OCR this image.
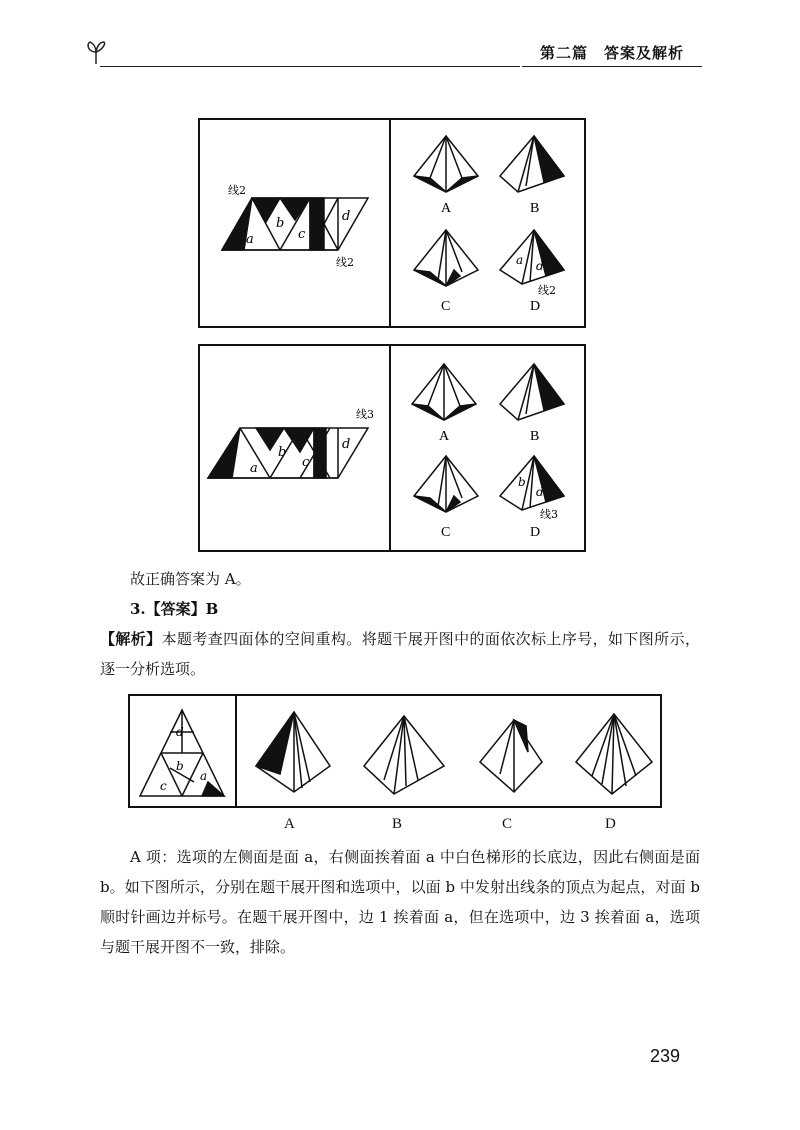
第二篇　答案及解析
线2
a
b
c
d
线2
A	B
C	D
a d
线2
线3
a
b
c
d
A	B
C	D
b
d
线3
故正确答案为 A。
3.【答案】B
【解析】本题考查四面体的空间重构。将题干展开图中的面依次标上序号，如下图所示，逐一分析选项。
d
b
c
a
A	B	C	D
A 项：选项的左侧面是面 a，右侧面挨着面 a 中白色梯形的长底边，因此右侧面是面 b。如下图所示，分别在题干展开图和选项中，以面 b 中发射出线条的顶点为起点，对面 b 顺时针画边并标号。在题干展开图中，边 1 挨着面 a，但在选项中，边 3 挨着面 a，选项与题干展开图不一致，排除。
239
